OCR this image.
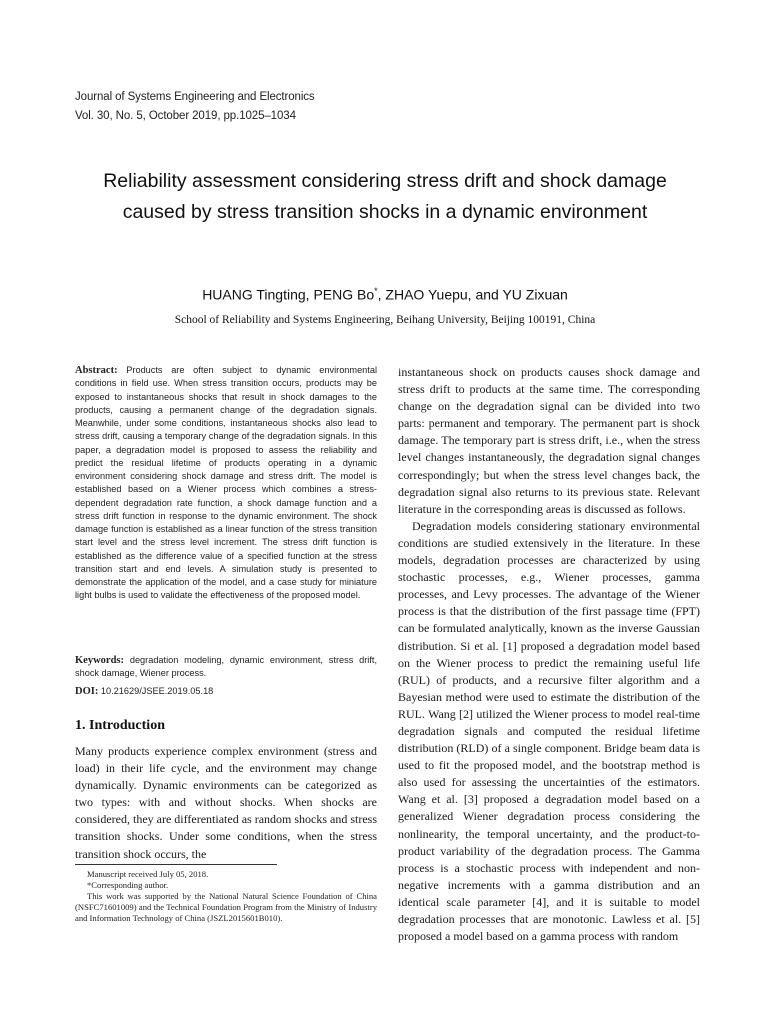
Journal of Systems Engineering and Electronics
Vol. 30, No. 5, October 2019, pp.1025–1034
Reliability assessment considering stress drift and shock damage caused by stress transition shocks in a dynamic environment
HUANG Tingting, PENG Bo*, ZHAO Yuepu, and YU Zixuan
School of Reliability and Systems Engineering, Beihang University, Beijing 100191, China
Abstract: Products are often subject to dynamic environmental conditions in field use. When stress transition occurs, products may be exposed to instantaneous shocks that result in shock damages to the products, causing a permanent change of the degradation signals. Meanwhile, under some conditions, instantaneous shocks also lead to stress drift, causing a temporary change of the degradation signals. In this paper, a degradation model is proposed to assess the reliability and predict the residual lifetime of products operating in a dynamic environment considering shock damage and stress drift. The model is established based on a Wiener process which combines a stress-dependent degradation rate function, a shock damage function and a stress drift function in response to the dynamic environment. The shock damage function is established as a linear function of the stress transition start level and the stress level increment. The stress drift function is established as the difference value of a specified function at the stress transition start and end levels. A simulation study is presented to demonstrate the application of the model, and a case study for miniature light bulbs is used to validate the effectiveness of the proposed model.
Keywords: degradation modeling, dynamic environment, stress drift, shock damage, Wiener process.
DOI: 10.21629/JSEE.2019.05.18
1. Introduction
Many products experience complex environment (stress and load) in their life cycle, and the environment may change dynamically. Dynamic environments can be categorized as two types: with and without shocks. When shocks are considered, they are differentiated as random shocks and stress transition shocks. Under some conditions, when the stress transition shock occurs, the

Manuscript received July 05, 2018.

*Corresponding author.

This work was supported by the National Natural Science Foundation of China (NSFC71601009) and the Technical Foundation Program from the Ministry of Industry and Information Technology of China (JSZL2015601B010).

instantaneous shock on products causes shock damage and stress drift to products at the same time. The corresponding change on the degradation signal can be divided into two parts: permanent and temporary. The permanent part is shock damage. The temporary part is stress drift, i.e., when the stress level changes instantaneously, the degradation signal changes correspondingly; but when the stress level changes back, the degradation signal also returns to its previous state. Relevant literature in the corresponding areas is discussed as follows.

Degradation models considering stationary environmental conditions are studied extensively in the literature. In these models, degradation processes are characterized by using stochastic processes, e.g., Wiener processes, gamma processes, and Levy processes. The advantage of the Wiener process is that the distribution of the first passage time (FPT) can be formulated analytically, known as the inverse Gaussian distribution. Si et al. [1] proposed a degradation model based on the Wiener process to predict the remaining useful life (RUL) of products, and a recursive filter algorithm and a Bayesian method were used to estimate the distribution of the RUL. Wang [2] utilized the Wiener process to model real-time degradation signals and computed the residual lifetime distribution (RLD) of a single component. Bridge beam data is used to fit the proposed model, and the bootstrap method is also used for assessing the uncertainties of the estimators. Wang et al. [3] proposed a degradation model based on a generalized Wiener degradation process considering the nonlinearity, the temporal uncertainty, and the product-to-product variability of the degradation process. The Gamma process is a stochastic process with independent and non-negative increments with a gamma distribution and an identical scale parameter [4], and it is suitable to model degradation processes that are monotonic. Lawless et al. [5] proposed a model based on a gamma process with random
